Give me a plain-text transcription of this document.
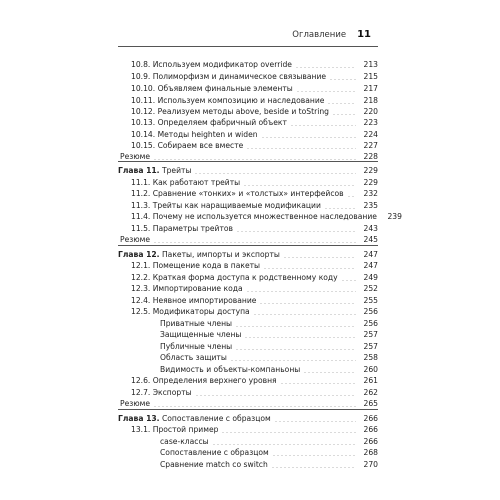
Оглавление 11
10.8. Используем модификатор override	213
10.9. Полиморфизм и динамическое связывание	215
10.10. Объявляем финальные элементы	217
10.11. Используем композицию и наследование	218
10.12. Реализуем методы above, beside и toString	220
10.13. Определяем фабричный объект	223
10.14. Методы heighten и widen	224
10.15. Собираем все вместе	227
Резюме	228
Глава 11. Трейты	229
11.1. Как работают трейты	229
11.2. Сравнение «тонких» и «толстых» интерфейсов	232
11.3. Трейты как наращиваемые модификации	235
11.4. Почему не используется множественное наследование	239
11.5. Параметры трейтов	243
Резюме	245
Глава 12. Пакеты, импорты и экспорты	247
12.1. Помещение кода в пакеты	247
12.2. Краткая форма доступа к родственному коду	249
12.3. Импортирование кода	252
12.4. Неявное импортирование	255
12.5. Модификаторы доступа	256
Приватные члены	256
Защищенные члены	257
Публичные члены	257
Область защиты	258
Видимость и объекты-компаньоны	260
12.6. Определения верхнего уровня	261
12.7. Экспорты	262
Резюме	265
Глава 13. Сопоставление с образцом	266
13.1. Простой пример	266
case-классы	266
Сопоставление с образцом	268
Сравнение match со switch	270
